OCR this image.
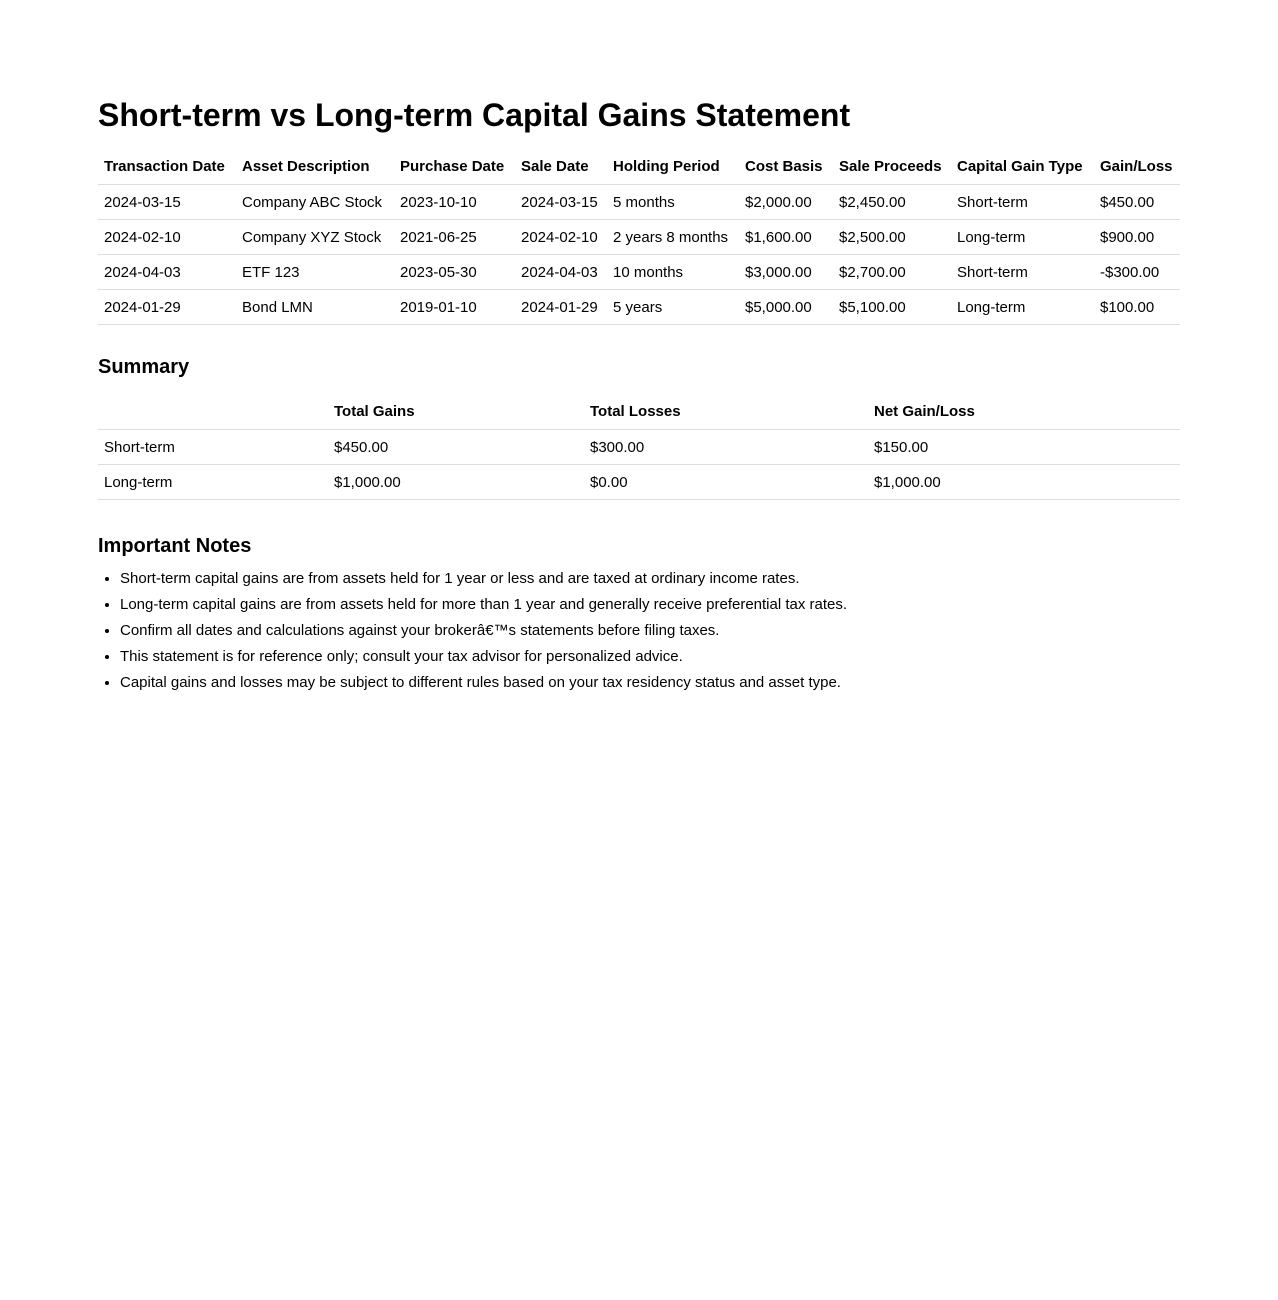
Short-term vs Long-term Capital Gains Statement
Transaction Date	Asset Description	Purchase Date	Sale Date	Holding Period	Cost Basis	Sale Proceeds	Capital Gain Type	Gain/Loss
2024-03-15	Company ABC Stock	2023-10-10	2024-03-15	5 months	$2,000.00	$2,450.00	Short-term	$450.00
2024-02-10	Company XYZ Stock	2021-06-25	2024-02-10	2 years 8 months	$1,600.00	$2,500.00	Long-term	$900.00
2024-04-03	ETF 123	2023-05-30	2024-04-03	10 months	$3,000.00	$2,700.00	Short-term	-$300.00
2024-01-29	Bond LMN	2019-01-10	2024-01-29	5 years	$5,000.00	$5,100.00	Long-term	$100.00
Summary
	Total Gains	Total Losses	Net Gain/Loss
Short-term	$450.00	$300.00	$150.00
Long-term	$1,000.00	$0.00	$1,000.00
Important Notes
• Short-term capital gains are from assets held for 1 year or less and are taxed at ordinary income rates.
• Long-term capital gains are from assets held for more than 1 year and generally receive preferential tax rates.
• Confirm all dates and calculations against your brokerâ€™s statements before filing taxes.
• This statement is for reference only; consult your tax advisor for personalized advice.
• Capital gains and losses may be subject to different rules based on your tax residency status and asset type.
